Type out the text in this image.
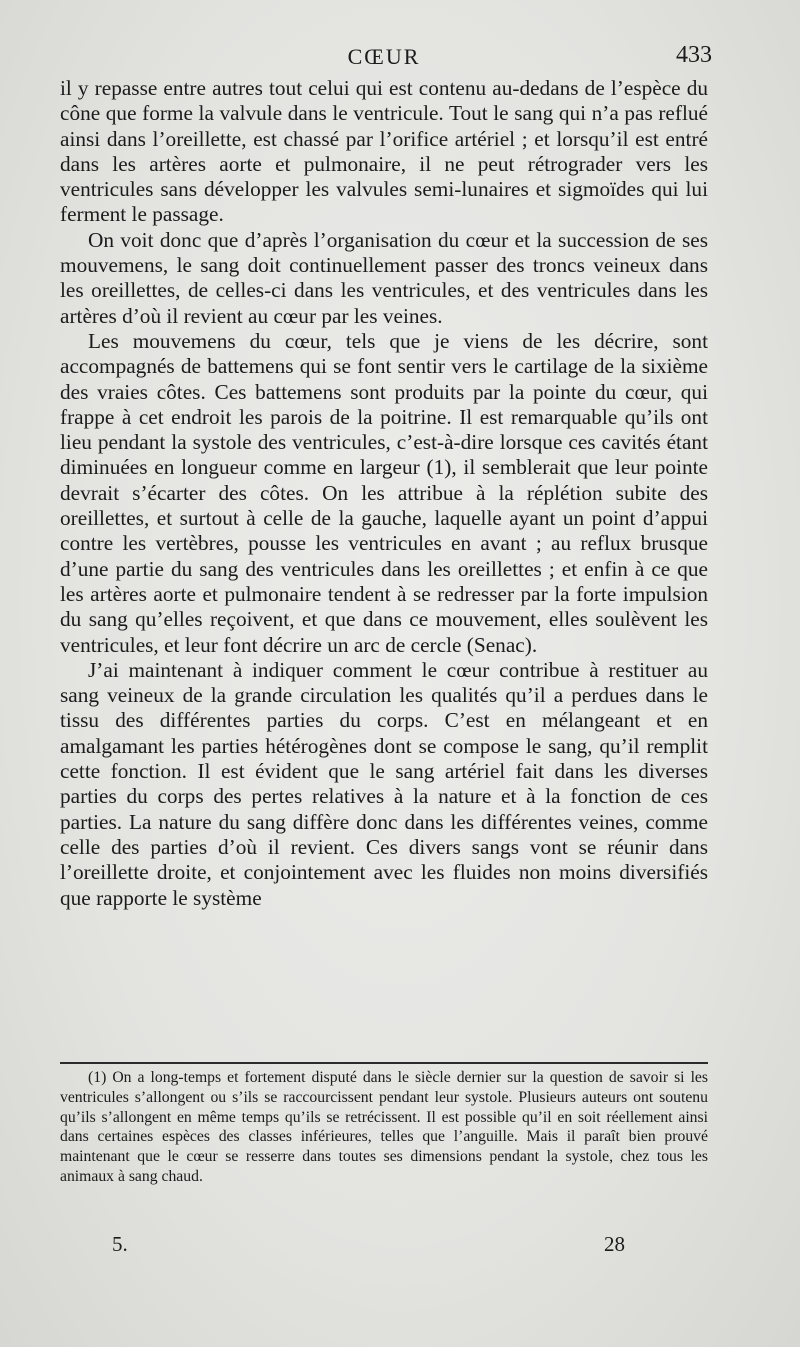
CŒUR	433

il y repasse entre autres tout celui qui est contenu au-dedans de l’espèce du cône que forme la valvule dans le ventricule. Tout le sang qui n’a pas reflué ainsi dans l’oreillette, est chassé par l’orifice artériel ; et lorsqu’il est entré dans les artères aorte et pulmonaire, il ne peut rétrograder vers les ventricules sans développer les valvules semi-lunaires et sigmoïdes qui lui ferment le passage.

On voit donc que d’après l’organisation du cœur et la succession de ses mouvemens, le sang doit continuellement passer des troncs veineux dans les oreillettes, de celles-ci dans les ventricules, et des ventricules dans les artères d’où il revient au cœur par les veines.

Les mouvemens du cœur, tels que je viens de les décrire, sont accompagnés de battemens qui se font sentir vers le cartilage de la sixième des vraies côtes. Ces battemens sont produits par la pointe du cœur, qui frappe à cet endroit les parois de la poitrine. Il est remarquable qu’ils ont lieu pendant la systole des ventricules, c’est-à-dire lorsque ces cavités étant diminuées en longueur comme en largeur (1), il semblerait que leur pointe devrait s’écarter des côtes. On les attribue à la réplétion subite des oreillettes, et surtout à celle de la gauche, laquelle ayant un point d’appui contre les vertèbres, pousse les ventricules en avant ; au reflux brusque d’une partie du sang des ventricules dans les oreillettes ; et enfin à ce que les artères aorte et pulmonaire tendent à se redresser par la forte impulsion du sang qu’elles reçoivent, et que dans ce mouvement, elles soulèvent les ventricules, et leur font décrire un arc de cercle (Senac).

J’ai maintenant à indiquer comment le cœur contribue à restituer au sang veineux de la grande circulation les qualités qu’il a perdues dans le tissu des différentes parties du corps. C’est en mélangeant et en amalgamant les parties hétérogènes dont se compose le sang, qu’il remplit cette fonction. Il est évident que le sang artériel fait dans les diverses parties du corps des pertes relatives à la nature et à la fonction de ces parties. La nature du sang diffère donc dans les différentes veines, comme celle des parties d’où il revient. Ces divers sangs vont se réunir dans l’oreillette droite, et conjointement avec les fluides non moins diversifiés que rapporte le système

(1) On a long-temps et fortement disputé dans le siècle dernier sur la question de savoir si les ventricules s’allongent ou s’ils se raccourcissent pendant leur systole. Plusieurs auteurs ont soutenu qu’ils s’allongent en même temps qu’ils se retrécissent. Il est possible qu’il en soit réellement ainsi dans certaines espèces des classes inférieures, telles que l’anguille. Mais il paraît bien prouvé maintenant que le cœur se resserre dans toutes ses dimensions pendant la systole, chez tous les animaux à sang chaud.

5.	28
